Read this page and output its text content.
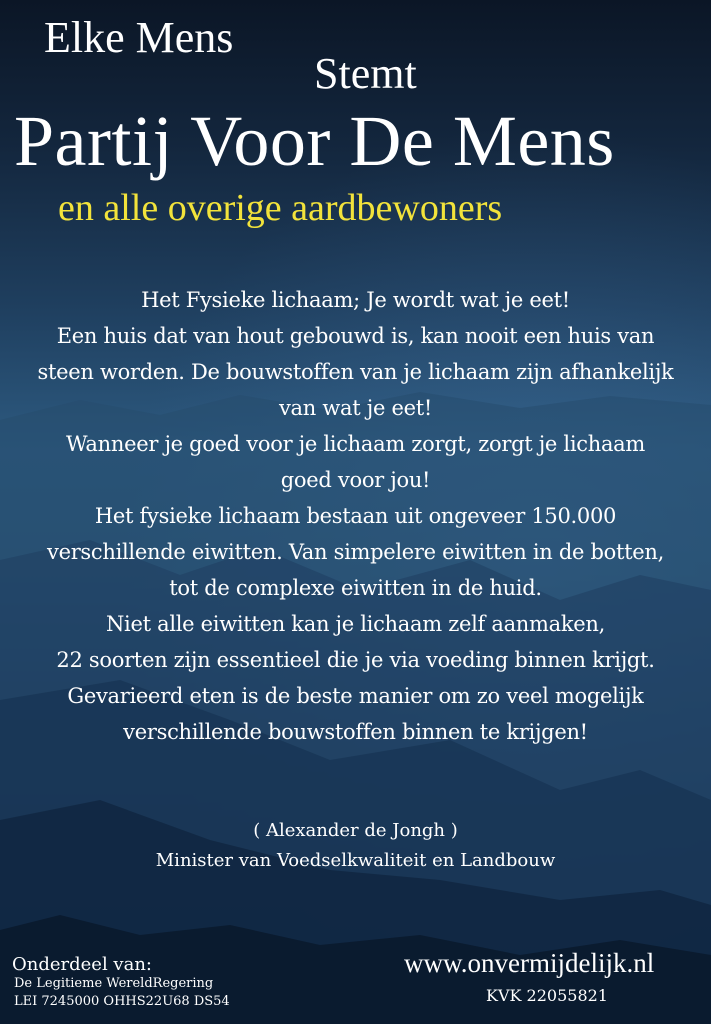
Elke Mens
Stemt
Partij Voor De Mens
en alle overige aardbewoners
Het Fysieke lichaam; Je wordt wat je eet!
Een huis dat van hout gebouwd is, kan nooit een huis van
steen worden. De bouwstoffen van je lichaam zijn afhankelijk
van wat je eet!
Wanneer je goed voor je lichaam zorgt, zorgt je lichaam
goed voor jou!
Het fysieke lichaam bestaan uit ongeveer 150.000
verschillende eiwitten. Van simpelere eiwitten in de botten,
tot de complexe eiwitten in de huid.
Niet alle eiwitten kan je lichaam zelf aanmaken,
22 soorten zijn essentieel die je via voeding binnen krijgt.
Gevarieerd eten is de beste manier om zo veel mogelijk
verschillende bouwstoffen binnen te krijgen!
( Alexander de Jongh )
Minister van Voedselkwaliteit en Landbouw
Onderdeel van:
De Legitieme WereldRegering
LEI 7245000 OHHS22U68 DS54
www.onvermijdelijk.nl
KVK 22055821
